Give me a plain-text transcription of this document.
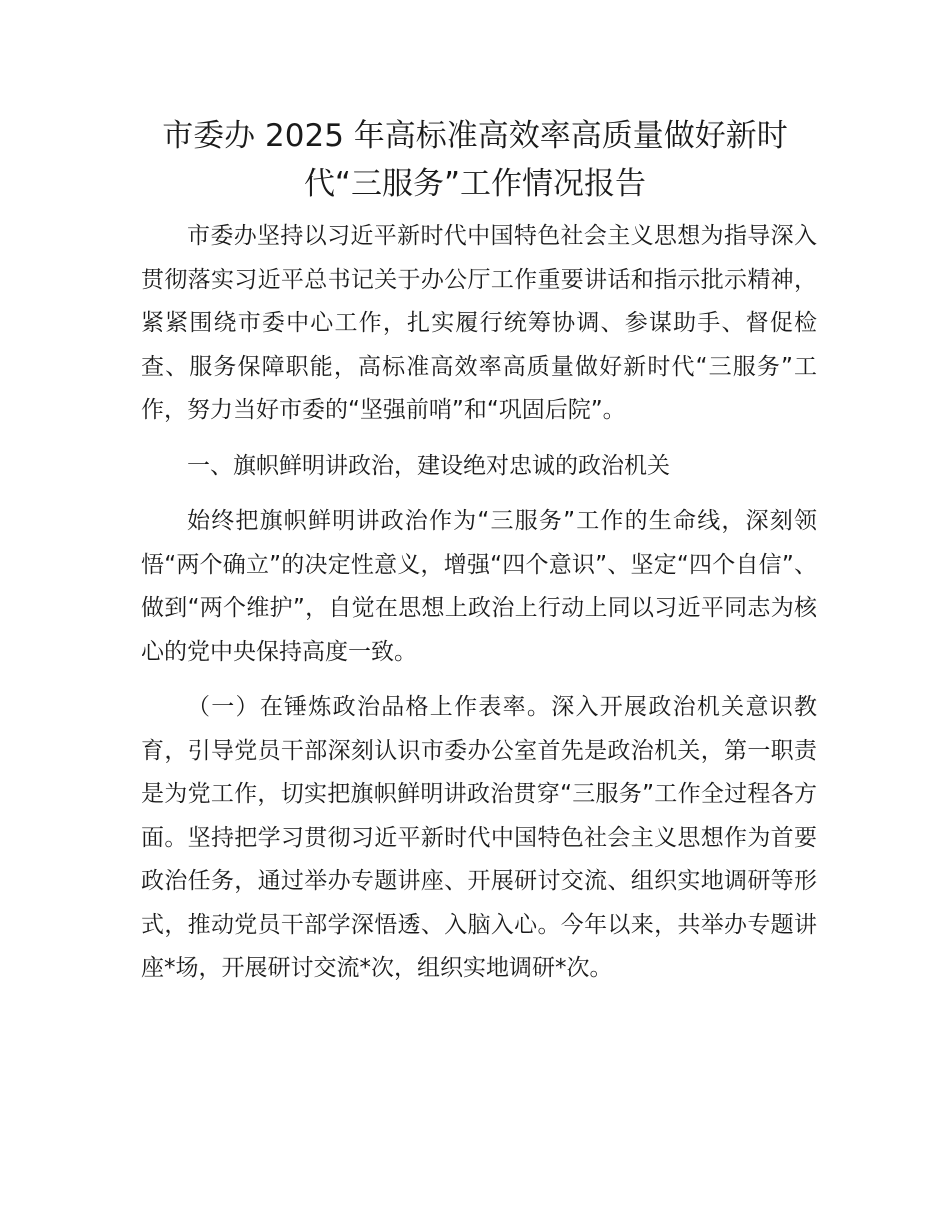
市委办 2025 年高标准高效率高质量做好新时
代“三服务”工作情况报告

市委办坚持以习近平新时代中国特色社会主义思想为指导深入贯彻落实习近平总书记关于办公厅工作重要讲话和指示批示精神，紧紧围绕市委中心工作，扎实履行统筹协调、参谋助手、督促检查、服务保障职能，高标准高效率高质量做好新时代“三服务”工作，努力当好市委的“坚强前哨”和“巩固后院”。

一、旗帜鲜明讲政治，建设绝对忠诚的政治机关

始终把旗帜鲜明讲政治作为“三服务”工作的生命线，深刻领悟“两个确立”的决定性意义，增强“四个意识”、坚定“四个自信”、做到“两个维护”，自觉在思想上政治上行动上同以习近平同志为核心的党中央保持高度一致。

（一）在锤炼政治品格上作表率。深入开展政治机关意识教育，引导党员干部深刻认识市委办公室首先是政治机关，第一职责是为党工作，切实把旗帜鲜明讲政治贯穿“三服务”工作全过程各方面。坚持把学习贯彻习近平新时代中国特色社会主义思想作为首要政治任务，通过举办专题讲座、开展研讨交流、组织实地调研等形式，推动党员干部学深悟透、入脑入心。今年以来，共举办专题讲座*场，开展研讨交流*次，组织实地调研*次。
